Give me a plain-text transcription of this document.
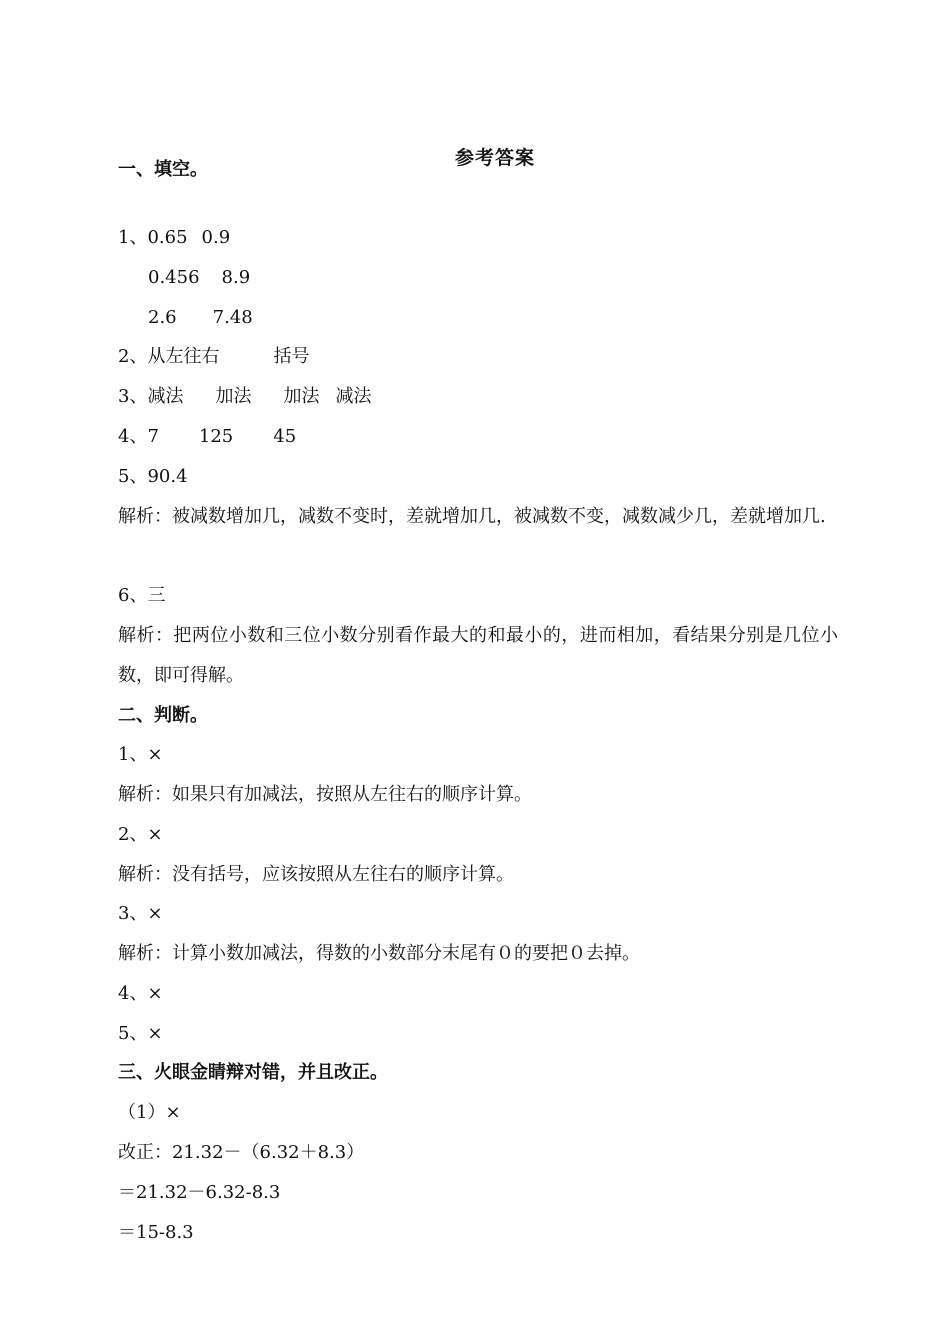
参考答案
一、填空。
1、0.65 0.9
0.456 8.9
2.6 7.48
2、从左往右	括号
3、减法 加法 加法 减法
4、7 125 45
5、90.4
解析：被减数增加几，减数不变时，差就增加几，被减数不变，减数减少几，差就增加几.
6、三
解析：把两位小数和三位小数分别看作最大的和最小的，进而相加，看结果分别是几位小数，即可得解。
二、判断。
1、×
解析：如果只有加减法，按照从左往右的顺序计算。
2、×
解析：没有括号，应该按照从左往右的顺序计算。
3、×
解析：计算小数加减法，得数的小数部分末尾有０的要把０去掉。
4、×
5、×
三、火眼金睛辩对错，并且改正。
（1）×
改正：21.32－（6.32＋8.3）
＝21.32－6.32-8.3
＝15-8.3
